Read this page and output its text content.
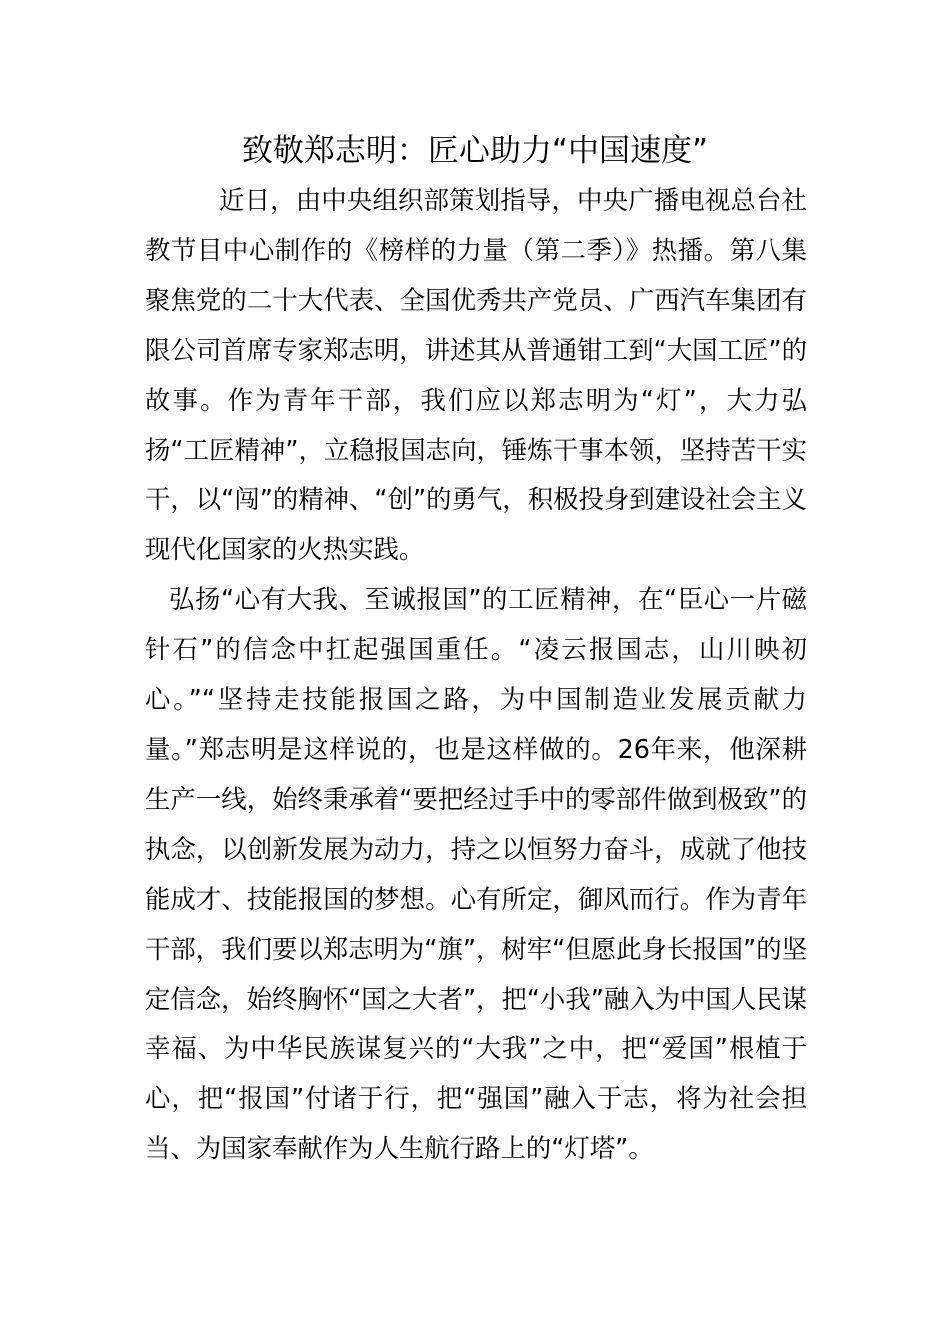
致敬郑志明：匠心助力“中国速度”

近日，由中央组织部策划指导，中央广播电视总台社教节目中心制作的《榜样的力量（第二季）》热播。第八集聚焦党的二十大代表、全国优秀共产党员、广西汽车集团有限公司首席专家郑志明，讲述其从普通钳工到“大国工匠”的故事。作为青年干部，我们应以郑志明为“灯”，大力弘扬“工匠精神”，立稳报国志向，锤炼干事本领，坚持苦干实干，以“闯”的精神、“创”的勇气，积极投身到建设社会主义现代化国家的火热实践。

弘扬“心有大我、至诚报国”的工匠精神，在“臣心一片磁针石”的信念中扛起强国重任。“凌云报国志，山川映初心。”“坚持走技能报国之路，为中国制造业发展贡献力量。”郑志明是这样说的，也是这样做的。26年来，他深耕生产一线，始终秉承着“要把经过手中的零部件做到极致”的执念，以创新发展为动力，持之以恒努力奋斗，成就了他技能成才、技能报国的梦想。心有所定，御风而行。作为青年干部，我们要以郑志明为“旗”，树牢“但愿此身长报国”的坚定信念，始终胸怀“国之大者”，把“小我”融入为中国人民谋幸福、为中华民族谋复兴的“大我”之中，把“爱国”根植于心，把“报国”付诸于行，把“强国”融入于志，将为社会担当、为国家奉献作为人生航行路上的“灯塔”。
